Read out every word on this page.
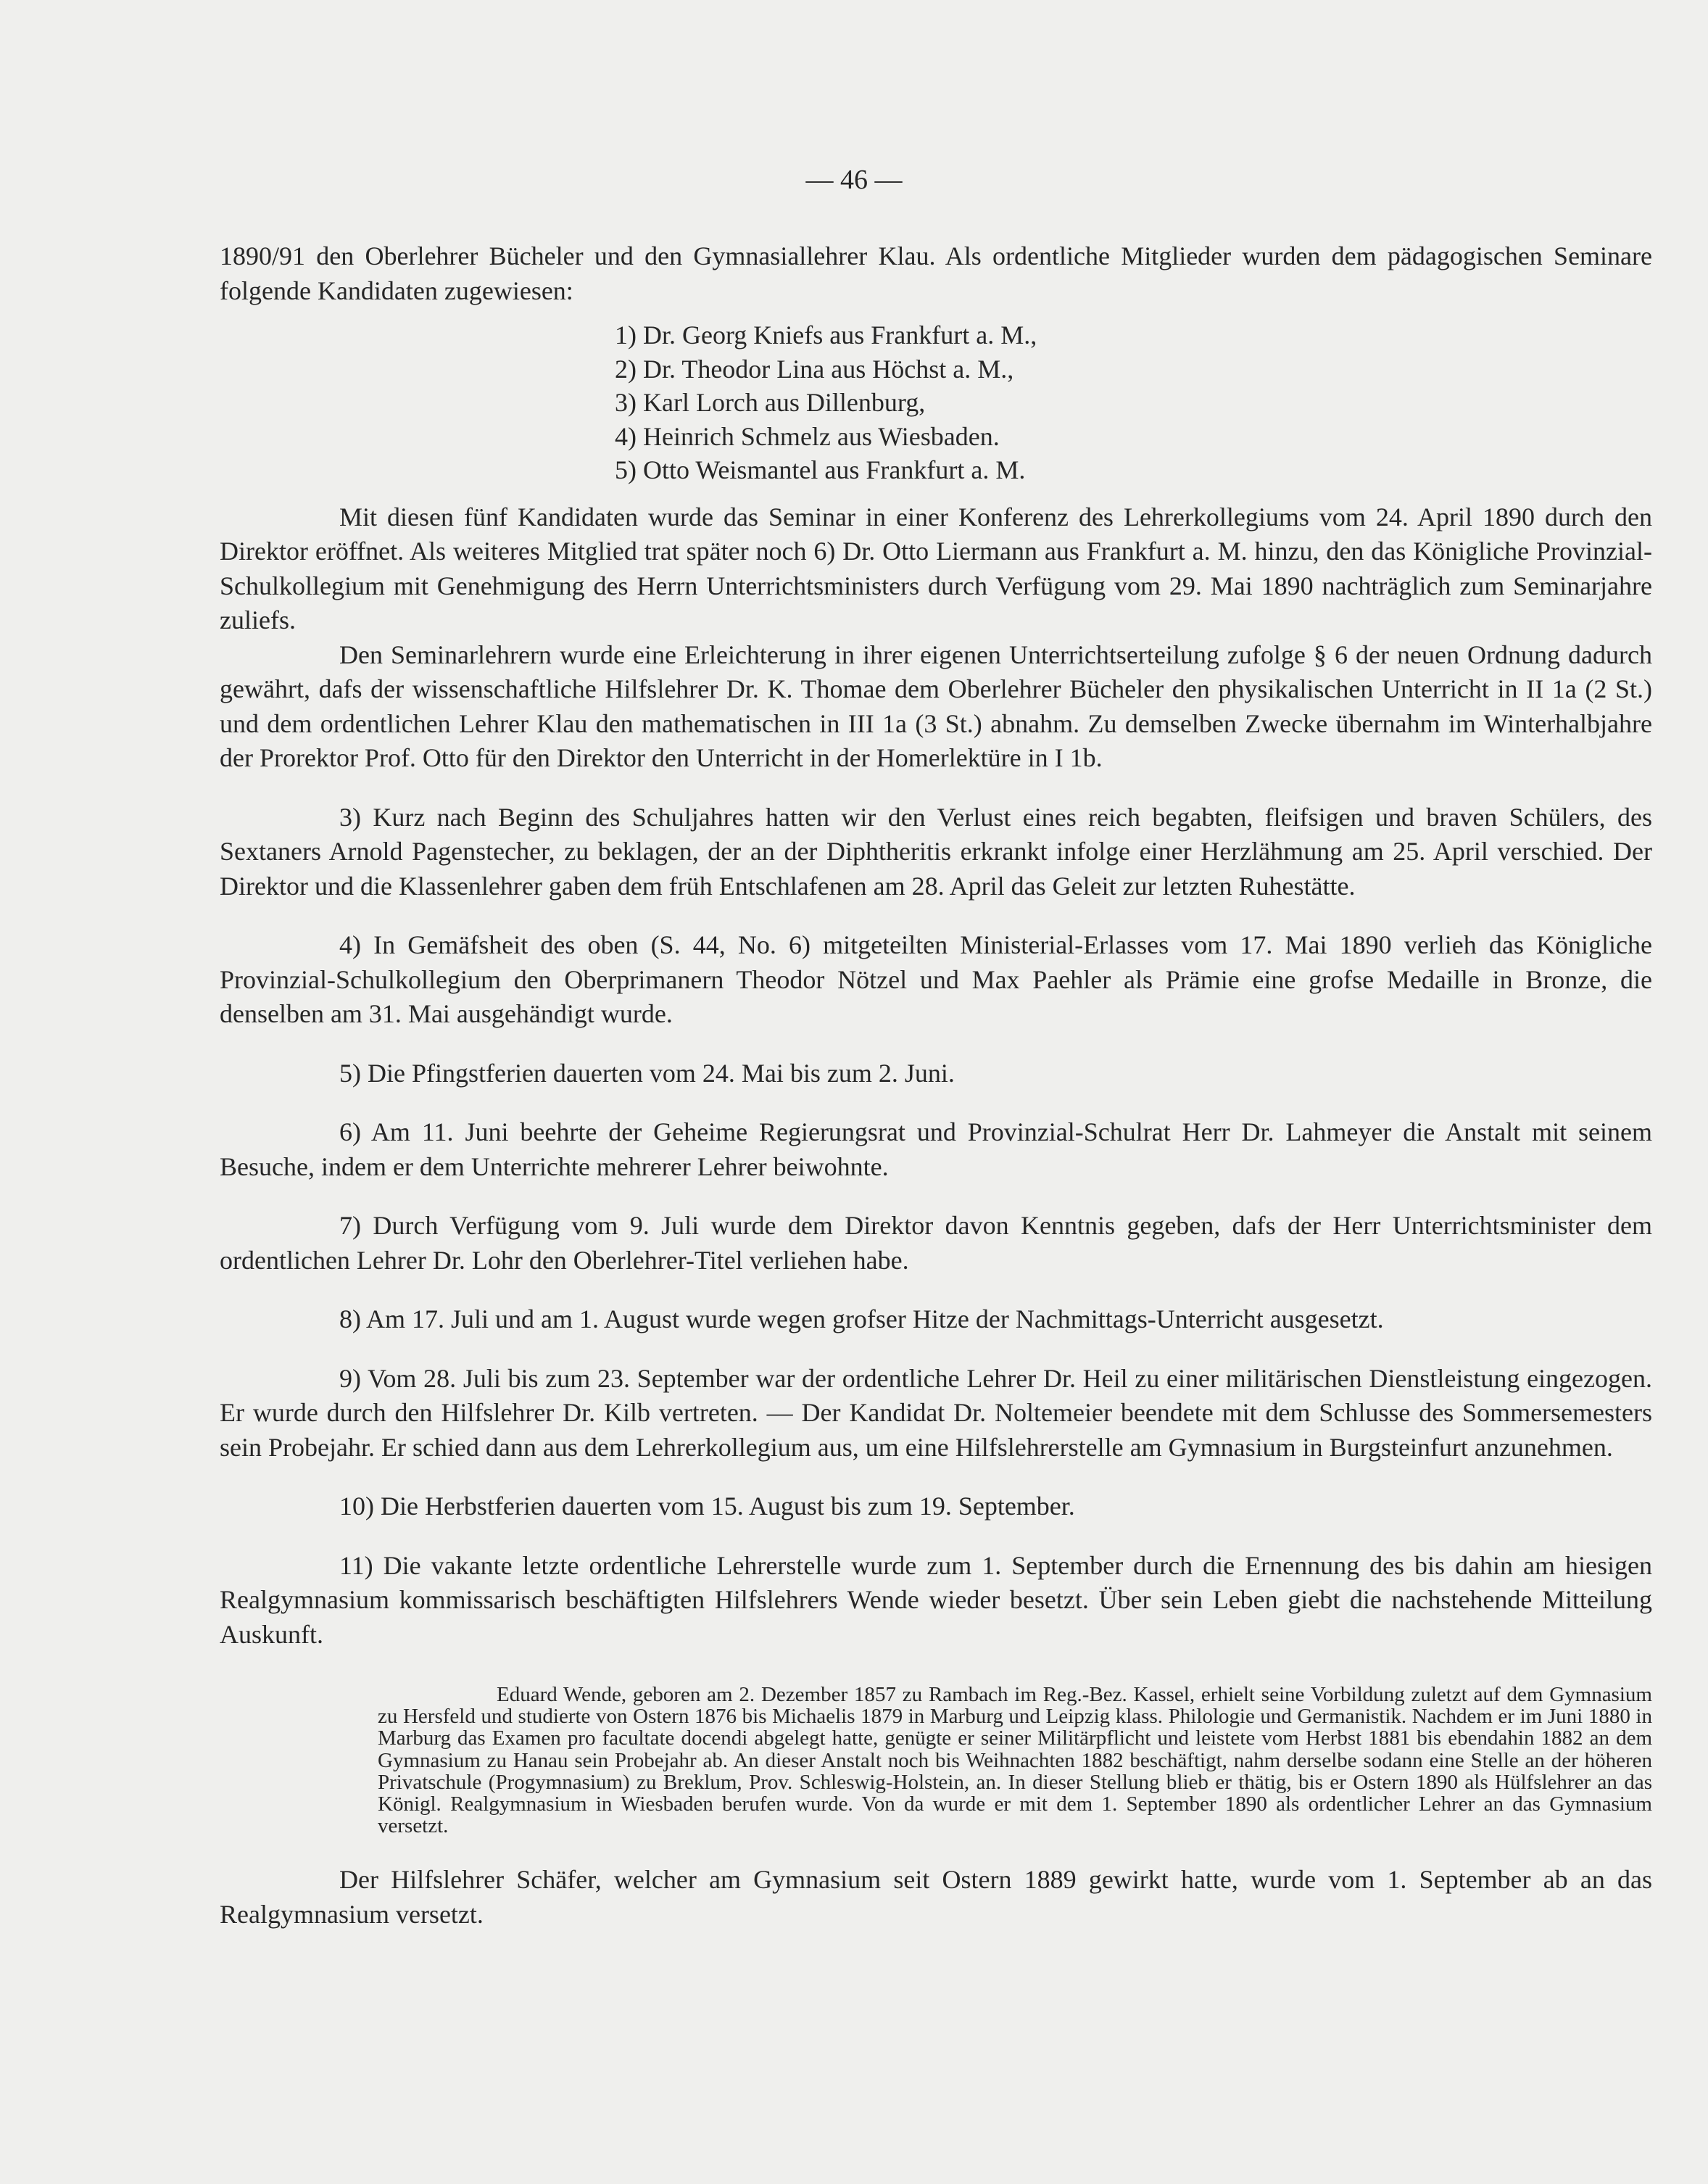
— 46 —

1890/91 den Oberlehrer Bücheler und den Gymnasiallehrer Klau. Als ordentliche Mitglieder wurden dem pädagogischen Seminare folgende Kandidaten zugewiesen:

1) Dr. Georg Kniefs aus Frankfurt a. M.,
2) Dr. Theodor Lina aus Höchst a. M.,
3) Karl Lorch aus Dillenburg,
4) Heinrich Schmelz aus Wiesbaden.
5) Otto Weismantel aus Frankfurt a. M.

Mit diesen fünf Kandidaten wurde das Seminar in einer Konferenz des Lehrerkollegiums vom 24. April 1890 durch den Direktor eröffnet. Als weiteres Mitglied trat später noch 6) Dr. Otto Liermann aus Frankfurt a. M. hinzu, den das Königliche Provinzial-Schulkollegium mit Genehmigung des Herrn Unterrichtsministers durch Verfügung vom 29. Mai 1890 nachträglich zum Seminarjahre zuliefs.

Den Seminarlehrern wurde eine Erleichterung in ihrer eigenen Unterrichtserteilung zufolge § 6 der neuen Ordnung dadurch gewährt, dafs der wissenschaftliche Hilfslehrer Dr. K. Thomae dem Oberlehrer Bücheler den physikalischen Unterricht in II 1a (2 St.) und dem ordentlichen Lehrer Klau den mathematischen in III 1a (3 St.) abnahm. Zu demselben Zwecke übernahm im Winterhalbjahre der Prorektor Prof. Otto für den Direktor den Unterricht in der Homerlektüre in I 1b.

3) Kurz nach Beginn des Schuljahres hatten wir den Verlust eines reich begabten, fleifsigen und braven Schülers, des Sextaners Arnold Pagenstecher, zu beklagen, der an der Diphtheritis erkrankt infolge einer Herzlähmung am 25. April verschied. Der Direktor und die Klassenlehrer gaben dem früh Entschlafenen am 28. April das Geleit zur letzten Ruhestätte.

4) In Gemäfsheit des oben (S. 44, No. 6) mitgeteilten Ministerial-Erlasses vom 17. Mai 1890 verlieh das Königliche Provinzial-Schulkollegium den Oberprimanern Theodor Nötzel und Max Paehler als Prämie eine grofse Medaille in Bronze, die denselben am 31. Mai ausgehändigt wurde.

5) Die Pfingstferien dauerten vom 24. Mai bis zum 2. Juni.

6) Am 11. Juni beehrte der Geheime Regierungsrat und Provinzial-Schulrat Herr Dr. Lahmeyer die Anstalt mit seinem Besuche, indem er dem Unterrichte mehrerer Lehrer beiwohnte.

7) Durch Verfügung vom 9. Juli wurde dem Direktor davon Kenntnis gegeben, dafs der Herr Unterrichtsminister dem ordentlichen Lehrer Dr. Lohr den Oberlehrer-Titel verliehen habe.

8) Am 17. Juli und am 1. August wurde wegen grofser Hitze der Nachmittags-Unterricht ausgesetzt.

9) Vom 28. Juli bis zum 23. September war der ordentliche Lehrer Dr. Heil zu einer militärischen Dienstleistung eingezogen. Er wurde durch den Hilfslehrer Dr. Kilb vertreten. — Der Kandidat Dr. Noltemeier beendete mit dem Schlusse des Sommersemesters sein Probejahr. Er schied dann aus dem Lehrerkollegium aus, um eine Hilfslehrerstelle am Gymnasium in Burgsteinfurt anzunehmen.

10) Die Herbstferien dauerten vom 15. August bis zum 19. September.

11) Die vakante letzte ordentliche Lehrerstelle wurde zum 1. September durch die Ernennung des bis dahin am hiesigen Realgymnasium kommissarisch beschäftigten Hilfslehrers Wende wieder besetzt. Über sein Leben giebt die nachstehende Mitteilung Auskunft.

Eduard Wende, geboren am 2. Dezember 1857 zu Rambach im Reg.-Bez. Kassel, erhielt seine Vorbildung zuletzt auf dem Gymnasium zu Hersfeld und studierte von Ostern 1876 bis Michaelis 1879 in Marburg und Leipzig klass. Philologie und Germanistik. Nachdem er im Juni 1880 in Marburg das Examen pro facultate docendi abgelegt hatte, genügte er seiner Militärpflicht und leistete vom Herbst 1881 bis ebendahin 1882 an dem Gymnasium zu Hanau sein Probejahr ab. An dieser Anstalt noch bis Weihnachten 1882 beschäftigt, nahm derselbe sodann eine Stelle an der höheren Privatschule (Progymnasium) zu Breklum, Prov. Schleswig-Holstein, an. In dieser Stellung blieb er thätig, bis er Ostern 1890 als Hülfslehrer an das Königl. Realgymnasium in Wiesbaden berufen wurde. Von da wurde er mit dem 1. September 1890 als ordentlicher Lehrer an das Gymnasium versetzt.

Der Hilfslehrer Schäfer, welcher am Gymnasium seit Ostern 1889 gewirkt hatte, wurde vom 1. September ab an das Realgymnasium versetzt.
